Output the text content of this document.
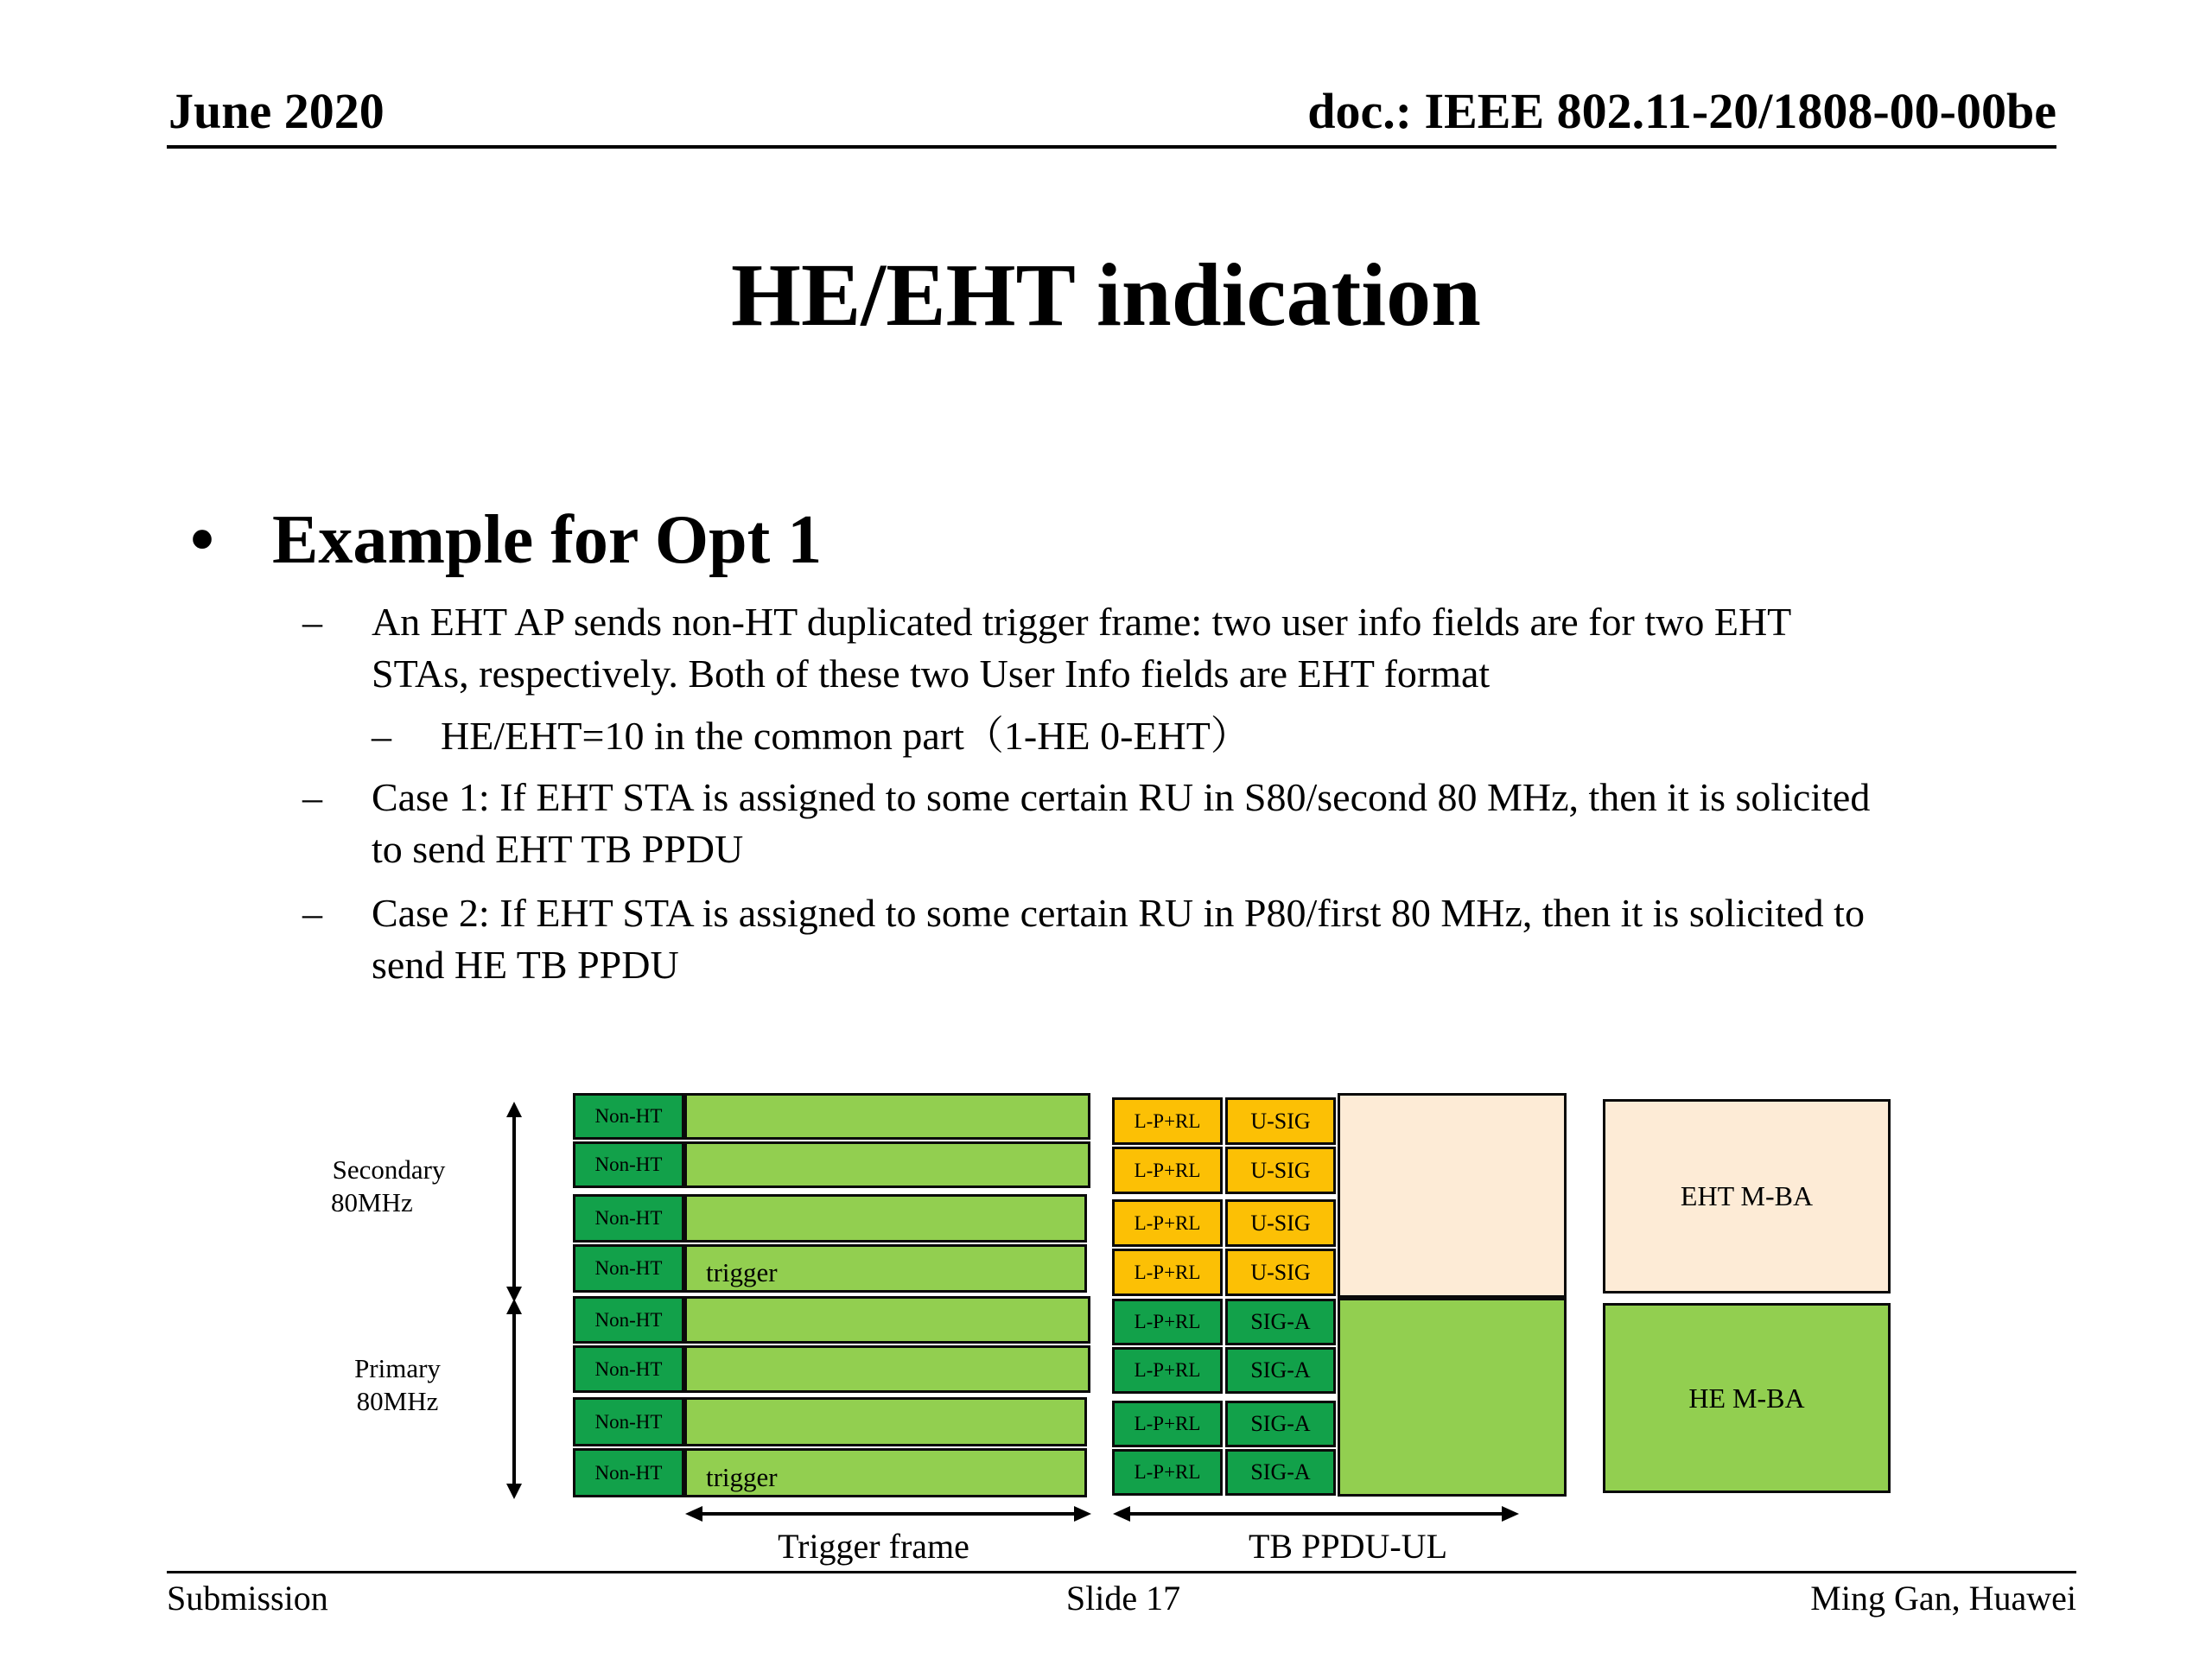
June 2020	doc.: IEEE 802.11-20/1808-00-00be
HE/EHT indication
• Example for Opt 1
– An EHT AP sends non-HT duplicated trigger frame: two user info fields are for two EHT
STAs, respectively. Both of these two User Info fields are EHT format
– HE/EHT=10 in the common part（1-HE 0-EHT）
– Case 1: If EHT STA is assigned to some certain RU in S80/second 80 MHz, then it is solicited
to send EHT TB PPDU
– Case 2: If EHT STA is assigned to some certain RU in P80/first 80 MHz, then it is solicited to
send HE TB PPDU
Secondary
80MHz
Primary
80MHz
Non-HT
Non-HT
Non-HT
Non-HT
Non-HT
Non-HT
Non-HT
Non-HT
trigger
trigger
L-P+RL
L-P+RL
L-P+RL
L-P+RL
L-P+RL
L-P+RL
L-P+RL
L-P+RL
U-SIG
U-SIG
U-SIG
U-SIG
SIG-A
SIG-A
SIG-A
SIG-A
EHT M-BA
HE M-BA
Trigger frame	TB PPDU-UL
Submission	Slide 17	Ming Gan, Huawei
